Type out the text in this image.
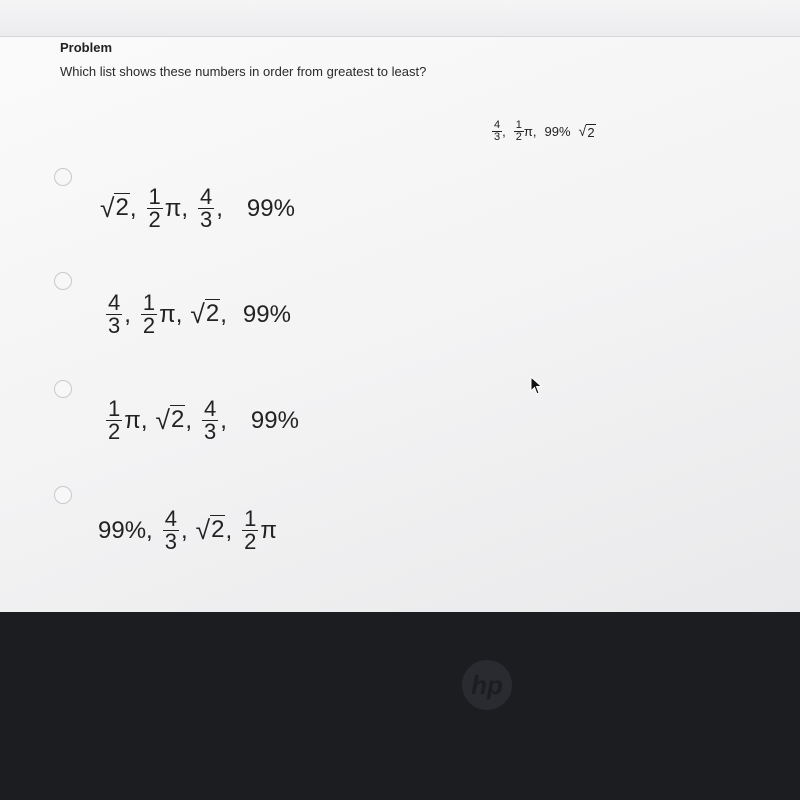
Problem
Which list shows these numbers in order from greatest to least?
$\frac{4}{3}$ , $\frac{1}{2}$ π , 99% √ 2
√ 2 , $\frac{1}{2}$ π , $\frac{4}{3}$ , 99%
$\frac{4}{3}$ , $\frac{1}{2}$ π , √ 2 , 99%
$\frac{1}{2}$ π , √ 2 , $\frac{4}{3}$ , 99%
99% , $\frac{4}{3}$ , √ 2 , $\frac{1}{2}$ π
hp
